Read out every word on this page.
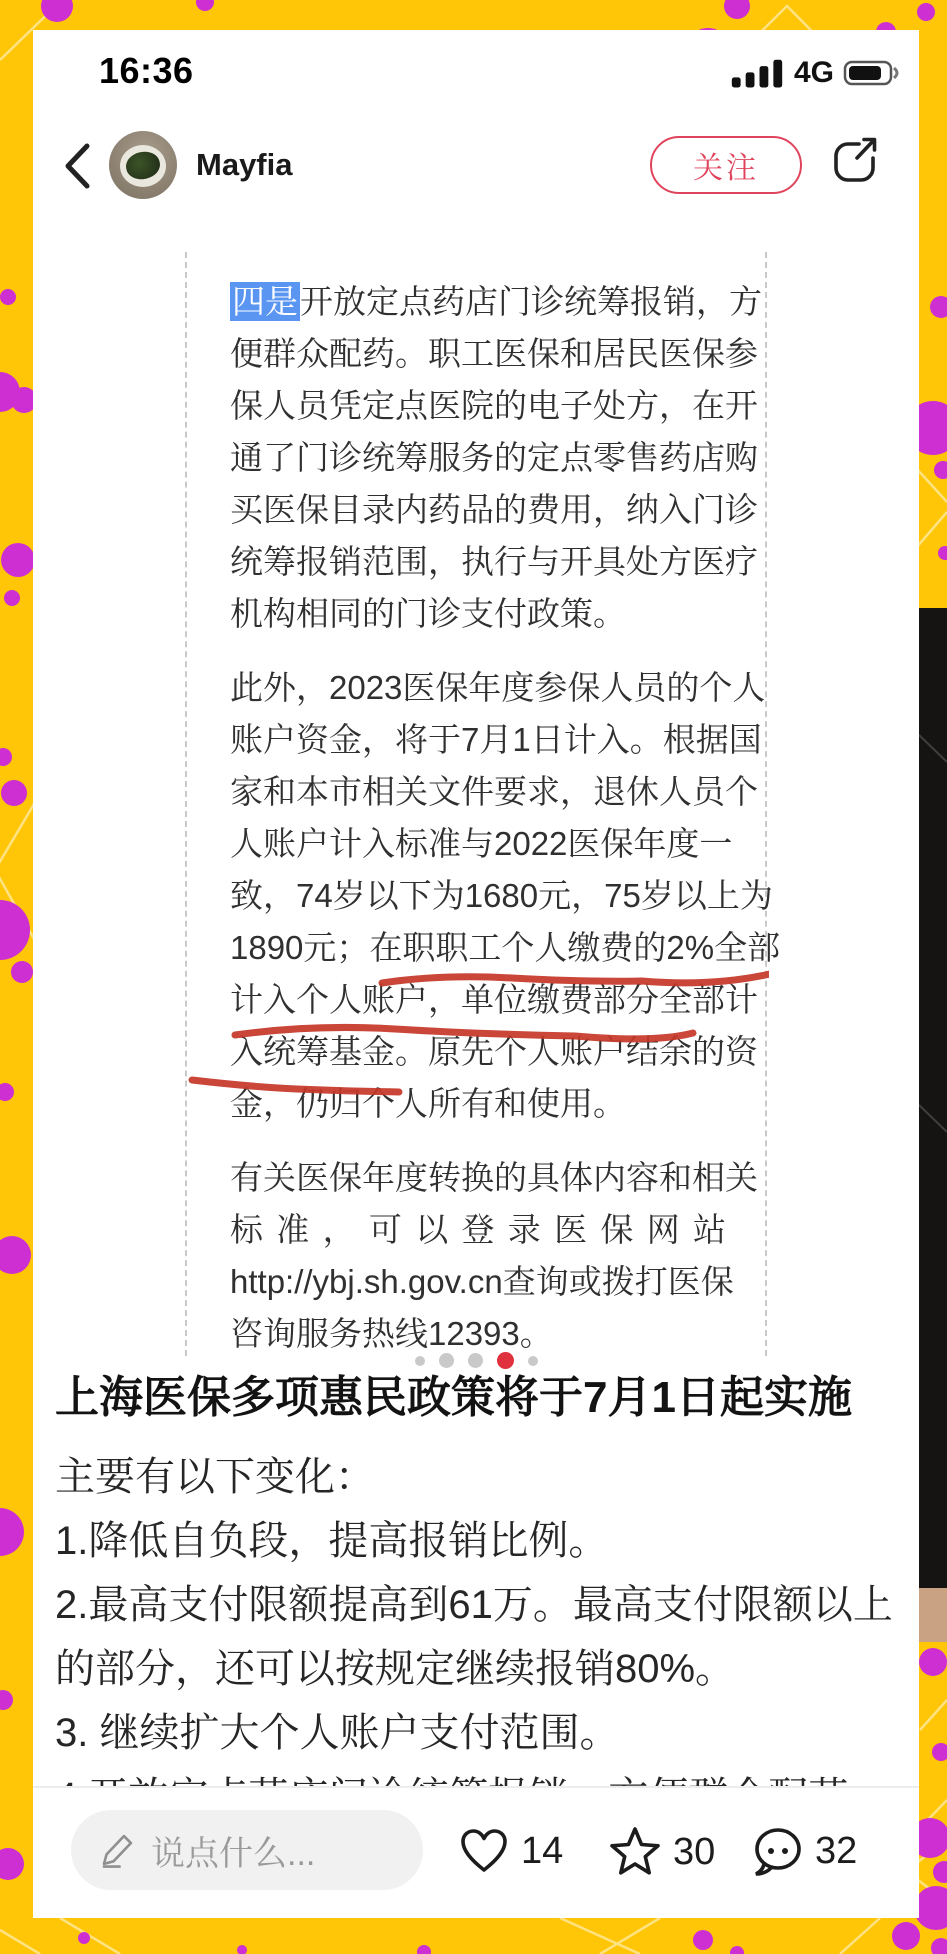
16:36	4G
Mayfia	关注
四是开放定点药店门诊统筹报销，方
便群众配药。职工医保和居民医保参
保人员凭定点医院的电子处方，在开
通了门诊统筹服务的定点零售药店购
买医保目录内药品的费用，纳入门诊
统筹报销范围，执行与开具处方医疗
机构相同的门诊支付政策。
此外，2023医保年度参保人员的个人
账户资金，将于7月1日计入。根据国
家和本市相关文件要求，退休人员个
人账户计入标准与2022医保年度一
致，74岁以下为1680元，75岁以上为
1890元；在职职工个人缴费的2%全部
计入个人账户，单位缴费部分全部计
入统筹基金。原先个人账户结余的资
金，仍归个人所有和使用。
有关医保年度转换的具体内容和相关
标准，可以登录医保网站
http://ybj.sh.gov.cn查询或拨打医保
咨询服务热线12393。
上海医保多项惠民政策将于7月1日起实施
主要有以下变化：
1.降低自负段，提高报销比例。
2.最高支付限额提高到61万。最高支付限额以上
的部分，还可以按规定继续报销80%。
3. 继续扩大个人账户支付范围。
说点什么...	14	30	32
